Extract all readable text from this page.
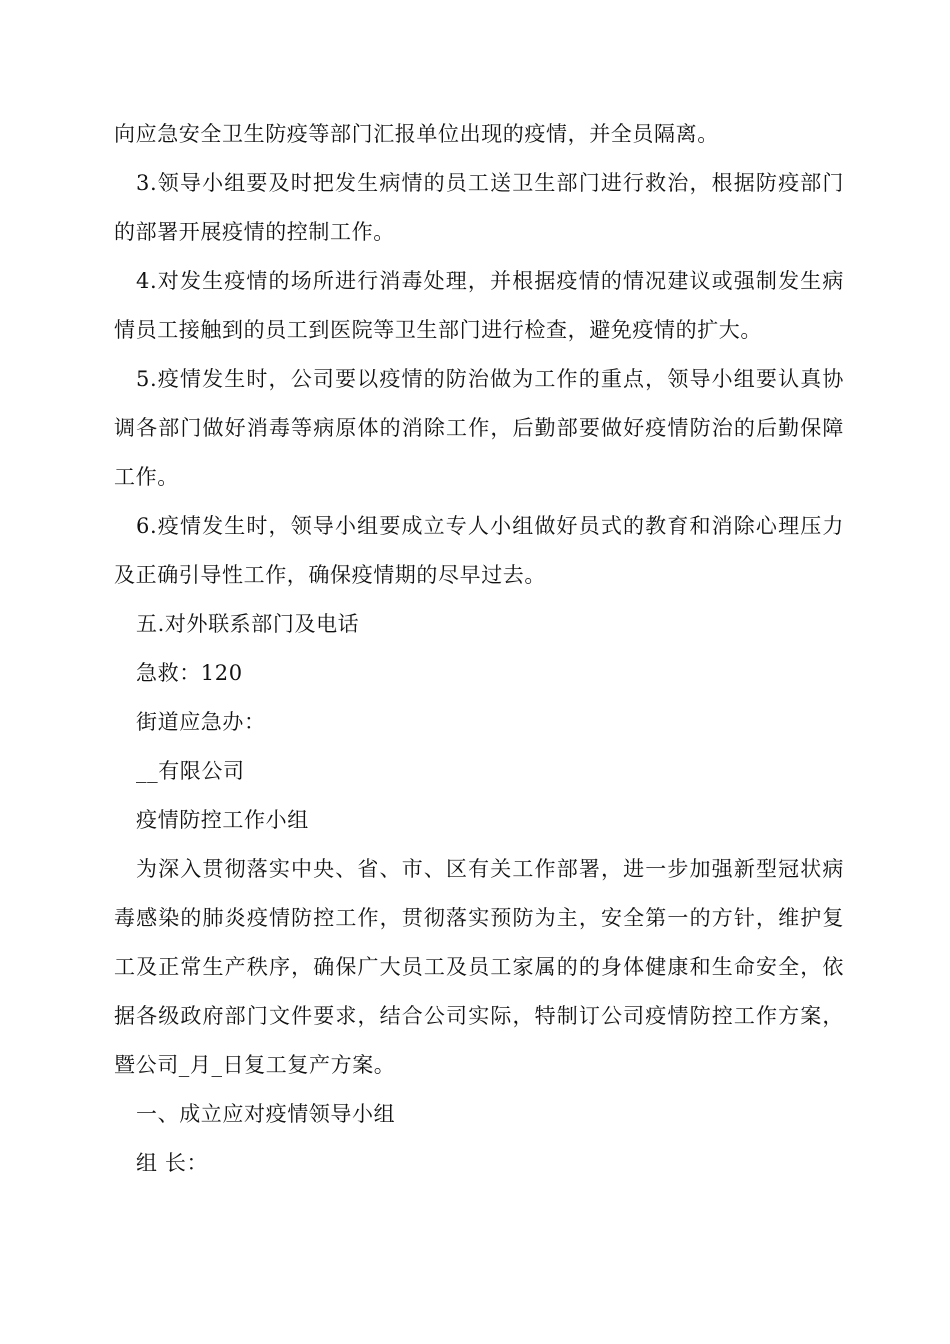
向应急安全卫生防疫等部门汇报单位出现的疫情，并全员隔离。

3.领导小组要及时把发生病情的员工送卫生部门进行救治，根据防疫部门的部署开展疫情的控制工作。

4.对发生疫情的场所进行消毒处理，并根据疫情的情况建议或强制发生病情员工接触到的员工到医院等卫生部门进行检查，避免疫情的扩大。

5.疫情发生时，公司要以疫情的防治做为工作的重点，领导小组要认真协调各部门做好消毒等病原体的消除工作，后勤部要做好疫情防治的后勤保障工作。

6.疫情发生时，领导小组要成立专人小组做好员式的教育和消除心理压力及正确引导性工作，确保疫情期的尽早过去。

五.对外联系部门及电话

急救：120

街道应急办：

__有限公司

疫情防控工作小组

为深入贯彻落实中央、省、市、区有关工作部署，进一步加强新型冠状病毒感染的肺炎疫情防控工作，贯彻落实预防为主，安全第一的方针，维护复工及正常生产秩序，确保广大员工及员工家属的的身体健康和生命安全，依据各级政府部门文件要求，结合公司实际，特制订公司疫情防控工作方案，暨公司_月_日复工复产方案。

一、成立应对疫情领导小组

组 长：
